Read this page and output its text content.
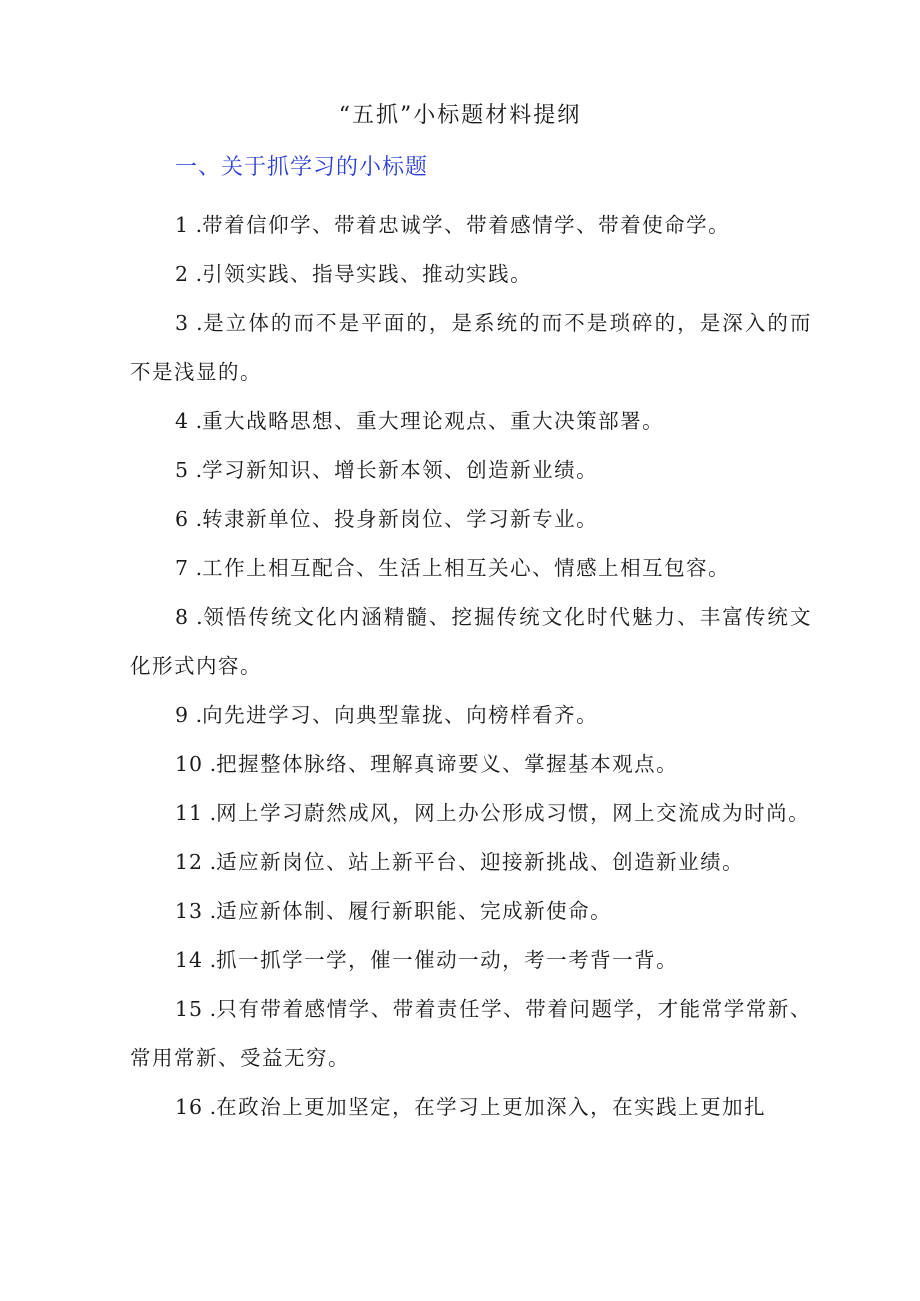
“五抓”小标题材料提纲
一、关于抓学习的小标题
1 .带着信仰学、带着忠诚学、带着感情学、带着使命学。
2 .引领实践、指导实践、推动实践。
3 .是立体的而不是平面的，是系统的而不是琐碎的，是深入的而不是浅显的。
4 .重大战略思想、重大理论观点、重大决策部署。
5 .学习新知识、增长新本领、创造新业绩。
6 .转隶新单位、投身新岗位、学习新专业。
7 .工作上相互配合、生活上相互关心、情感上相互包容。
8 .领悟传统文化内涵精髓、挖掘传统文化时代魅力、丰富传统文化形式内容。
9 .向先进学习、向典型靠拢、向榜样看齐。
10 .把握整体脉络、理解真谛要义、掌握基本观点。
11 .网上学习蔚然成风，网上办公形成习惯，网上交流成为时尚。
12 .适应新岗位、站上新平台、迎接新挑战、创造新业绩。
13 .适应新体制、履行新职能、完成新使命。
14 .抓一抓学一学，催一催动一动，考一考背一背。
15 .只有带着感情学、带着责任学、带着问题学，才能常学常新、常用常新、受益无穷。
16 .在政治上更加坚定，在学习上更加深入，在实践上更加扎
